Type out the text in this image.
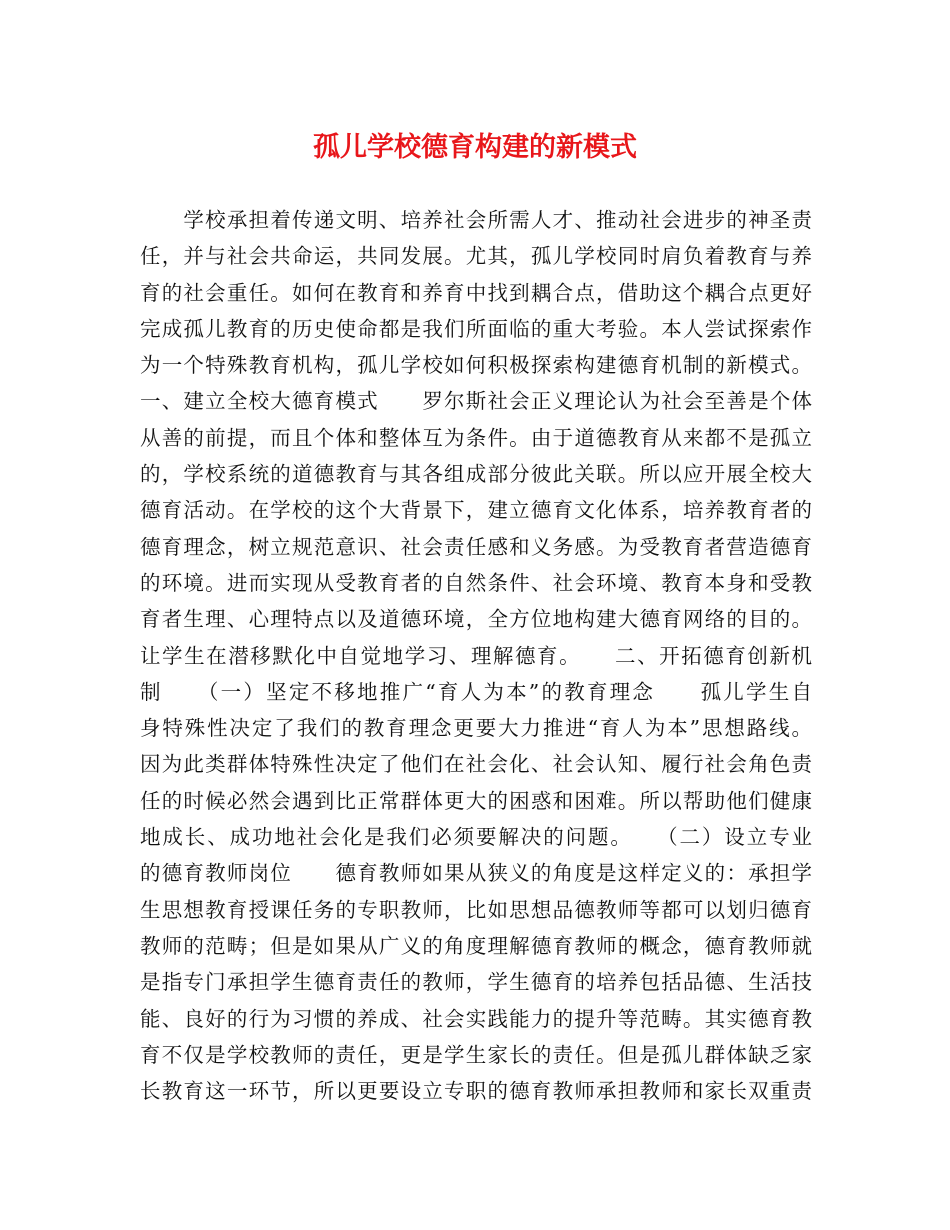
孤儿学校德育构建的新模式
　　学校承担着传递文明、培养社会所需人才、推动社会进步的神圣责
任，并与社会共命运，共同发展。尤其，孤儿学校同时肩负着教育与养
育的社会重任。如何在教育和养育中找到耦合点，借助这个耦合点更好
完成孤儿教育的历史使命都是我们所面临的重大考验。本人尝试探索作
为一个特殊教育机构，孤儿学校如何积极探索构建德育机制的新模式。
一、建立全校大德育模式　　罗尔斯社会正义理论认为社会至善是个体
从善的前提，而且个体和整体互为条件。由于道德教育从来都不是孤立
的，学校系统的道德教育与其各组成部分彼此关联。所以应开展全校大
德育活动。在学校的这个大背景下，建立德育文化体系，培养教育者的
德育理念，树立规范意识、社会责任感和义务感。为受教育者营造德育
的环境。进而实现从受教育者的自然条件、社会环境、教育本身和受教
育者生理、心理特点以及道德环境，全方位地构建大德育网络的目的。
让学生在潜移默化中自觉地学习、理解德育。　　二、开拓德育创新机
制　　（一）坚定不移地推广“育人为本”的教育理念　　孤儿学生自
身特殊性决定了我们的教育理念更要大力推进“育人为本”思想路线。
因为此类群体特殊性决定了他们在社会化、社会认知、履行社会角色责
任的时候必然会遇到比正常群体更大的困惑和困难。所以帮助他们健康
地成长、成功地社会化是我们必须要解决的问题。　　（二）设立专业
的德育教师岗位　　德育教师如果从狭义的角度是这样定义的：承担学
生思想教育授课任务的专职教师，比如思想品德教师等都可以划归德育
教师的范畴；但是如果从广义的角度理解德育教师的概念，德育教师就
是指专门承担学生德育责任的教师，学生德育的培养包括品德、生活技
能、良好的行为习惯的养成、社会实践能力的提升等范畴。其实德育教
育不仅是学校教师的责任，更是学生家长的责任。但是孤儿群体缺乏家
长教育这一环节，所以更要设立专职的德育教师承担教师和家长双重责
